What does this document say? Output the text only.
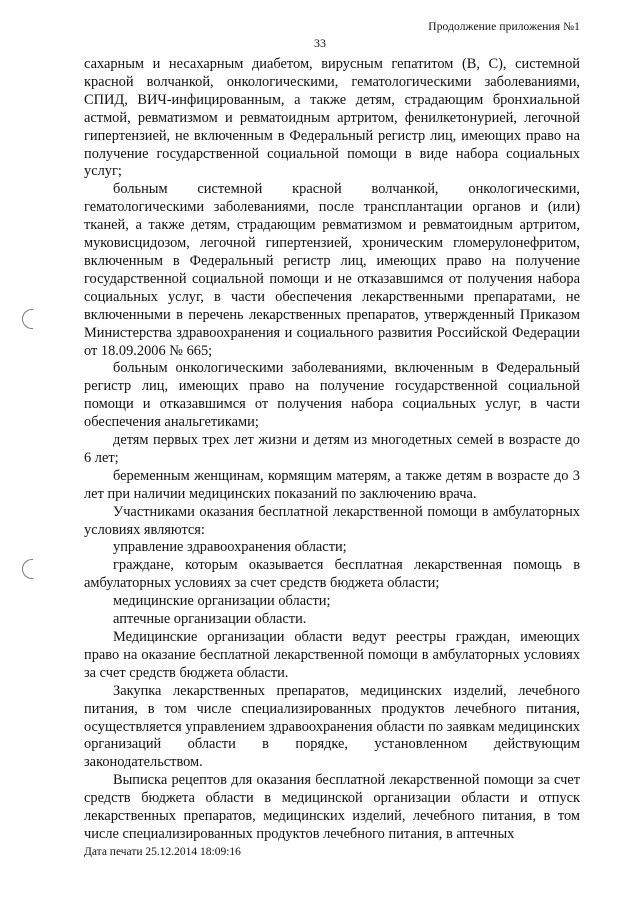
Продолжение приложения №1
33

сахарным и несахарным диабетом, вирусным гепатитом (В, С), системной красной волчанкой, онкологическими, гематологическими заболеваниями, СПИД, ВИЧ-инфицированным, а также детям, страдающим бронхиальной астмой, ревматизмом и ревматоидным артритом, фенилкетонурией, легочной гипертензией, не включенным в Федеральный регистр лиц, имеющих право на получение государственной социальной помощи в виде набора социальных услуг;

больным системной красной волчанкой, онкологическими, гематологическими заболеваниями, после трансплантации органов и (или) тканей, а также детям, страдающим ревматизмом и ревматоидным артритом, муковисцидозом, легочной гипертензией, хроническим гломерулонефритом, включенным в Федеральный регистр лиц, имеющих право на получение государственной социальной помощи и не отказавшимся от получения набора социальных услуг, в части обеспечения лекарственными препаратами, не включенными в перечень лекарственных препаратов, утвержденный Приказом Министерства здравоохранения и социального развития Российской Федерации от 18.09.2006 № 665;

больным онкологическими заболеваниями, включенным в Федеральный регистр лиц, имеющих право на получение государственной социальной помощи и отказавшимся от получения набора социальных услуг, в части обеспечения анальгетиками;

детям первых трех лет жизни и детям из многодетных семей в возрасте до 6 лет;

беременным женщинам, кормящим матерям, а также детям в возрасте до 3 лет при наличии медицинских показаний по заключению врача.

Участниками оказания бесплатной лекарственной помощи в амбулаторных условиях являются:

управление здравоохранения области;

граждане, которым оказывается бесплатная лекарственная помощь в амбулаторных условиях за счет средств бюджета области;

медицинские организации области;

аптечные организации области.

Медицинские организации области ведут реестры граждан, имеющих право на оказание бесплатной лекарственной помощи в амбулаторных условиях за счет средств бюджета области.

Закупка лекарственных препаратов, медицинских изделий, лечебного питания, в том числе специализированных продуктов лечебного питания, осуществляется управлением здравоохранения области по заявкам медицинских организаций области в порядке, установленном действующим законодательством.

Выписка рецептов для оказания бесплатной лекарственной помощи за счет средств бюджета области в медицинской организации области и отпуск лекарственных препаратов, медицинских изделий, лечебного питания, в том числе специализированных продуктов лечебного питания, в аптечных

Дата печати 25.12.2014 18:09:16
